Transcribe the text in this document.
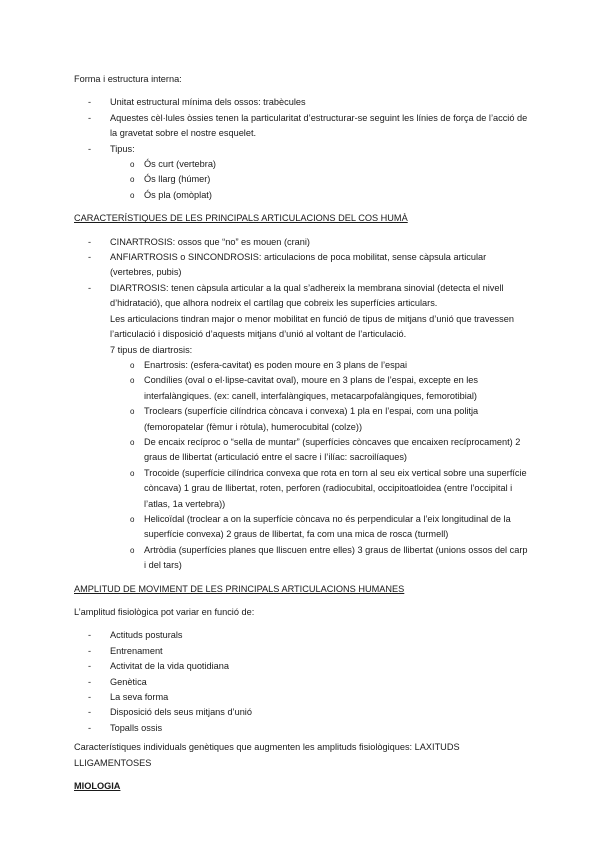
Forma i estructura interna:

- Unitat estructural mínima dels ossos: trabècules
- Aquestes cèl·lules òssies tenen la particularitat d’estructurar-se seguint les línies de força de l’acció de la gravetat sobre el nostre esquelet.
- Tipus:
o Ós curt (vertebra)
o Ós llarg (húmer)
o Ós pla (omòplat)

CARACTERÍSTIQUES DE LES PRINCIPALS ARTICULACIONS DEL COS HUMÀ

- CINARTROSIS: ossos que “no” es mouen (crani)
- ANFIARTROSIS o SINCONDROSIS: articulacions de poca mobilitat, sense càpsula articular (vertebres, pubis)
- DIARTROSIS: tenen càpsula articular a la qual s’adhereix la membrana sinovial (detecta el nivell d’hidratació), que alhora nodreix el cartílag que cobreix les superfícies articulars.

Les articulacions tindran major o menor mobilitat en funció de tipus de mitjans d’unió que travessen l’articulació i disposició d’aquests mitjans d’unió al voltant de l’articulació.

7 tipus de diartrosis:

o Enartrosis: (esfera-cavitat) es poden moure en 3 plans de l’espai
o Condílies (oval o el·lipse-cavitat oval), moure en 3 plans de l’espai, excepte en les interfalàngiques. (ex: canell, interfalàngiques, metacarpofalàngiques, femorotibial)
o Troclears (superfície cilíndrica còncava i convexa) 1 pla en l’espai, com una politja (femoropatelar (fèmur i ròtula), humerocubital (colze))
o De encaix recíproc o “sella de muntar” (superfícies còncaves que encaixen recíprocament) 2 graus de llibertat (articulació entre el sacre i l’ilíac: sacroilíaques)
o Trocoide (superfície cilíndrica convexa que rota en torn al seu eix vertical sobre una superfície còncava) 1 grau de llibertat, roten, perforen (radiocubital, occipitoatloidea (entre l’occipital i l’atlas, 1a vertebra))
o Helicoïdal (troclear a on la superfície còncava no és perpendicular a l’eix longitudinal de la superfície convexa) 2 graus de llibertat, fa com una mica de rosca (turmell)
o Artròdia (superfícies planes que lliscuen entre elles) 3 graus de llibertat (unions ossos del carp i del tars)

AMPLITUD DE MOVIMENT DE LES PRINCIPALS ARTICULACIONS HUMANES

L’amplitud fisiològica pot variar en funció de:

- Actituds posturals
- Entrenament
- Activitat de la vida quotidiana
- Genètica
- La seva forma
- Disposició dels seus mitjans d’unió
- Topalls ossis

Característiques individuals genètiques que augmenten les amplituds fisiològiques: LAXITUDS LLIGAMENTOSES

MIOLOGIA
